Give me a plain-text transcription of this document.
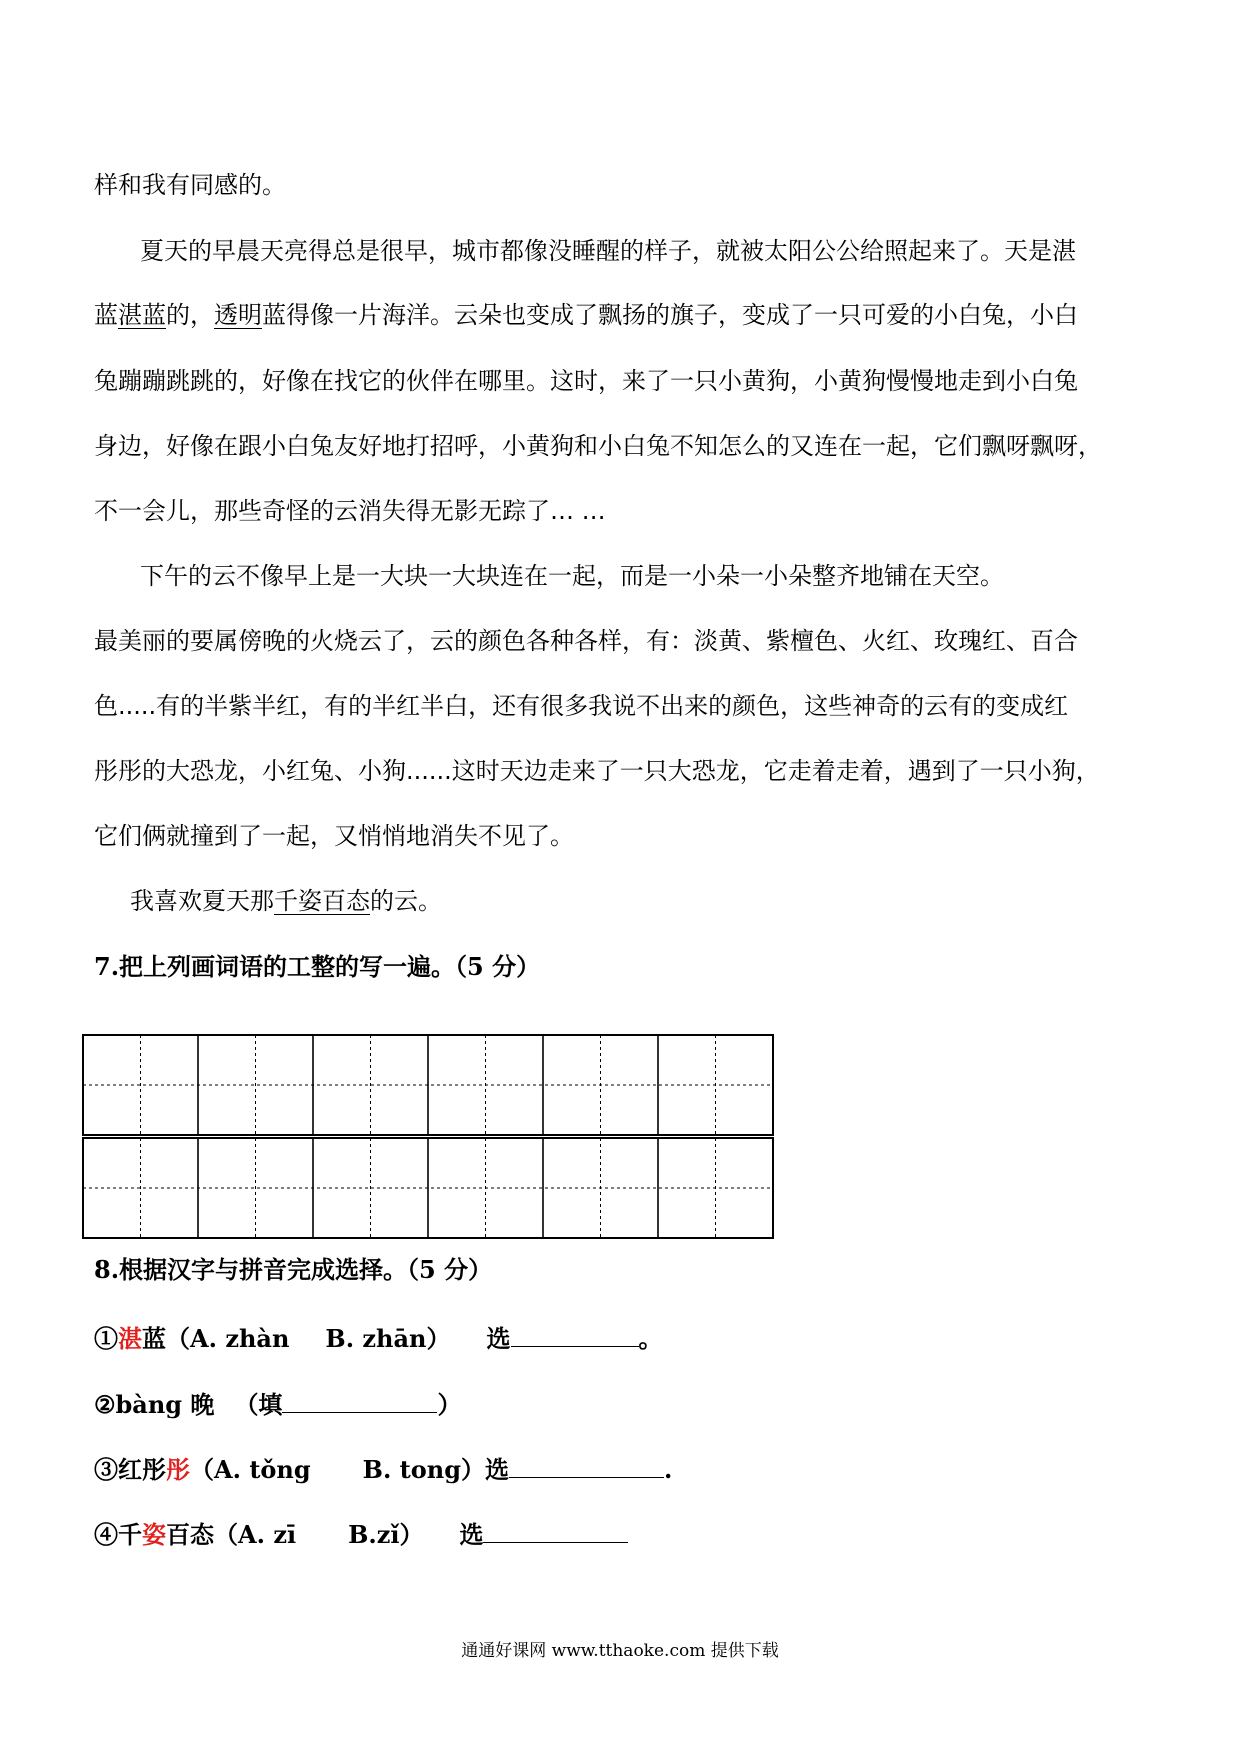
样和我有同感的。
夏天的早晨天亮得总是很早，城市都像没睡醒的样子，就被太阳公公给照起来了。天是湛
蓝湛蓝的，透明蓝得像一片海洋。云朵也变成了飘扬的旗子，变成了一只可爱的小白兔，小白
兔蹦蹦跳跳的，好像在找它的伙伴在哪里。这时，来了一只小黄狗，小黄狗慢慢地走到小白兔
身边，好像在跟小白兔友好地打招呼，小黄狗和小白兔不知怎么的又连在一起，它们飘呀飘呀，
不一会儿，那些奇怪的云消失得无影无踪了… …
下午的云不像早上是一大块一大块连在一起，而是一小朵一小朵整齐地铺在天空。
最美丽的要属傍晚的火烧云了，云的颜色各种各样，有：淡黄、紫檀色、火红、玫瑰红、百合
色.....有的半紫半红，有的半红半白，还有很多我说不出来的颜色，这些神奇的云有的变成红
彤彤的大恐龙，小红兔、小狗......这时天边走来了一只大恐龙，它走着走着，遇到了一只小狗，
它们俩就撞到了一起，又悄悄地消失不见了。
我喜欢夏天那千姿百态的云。
7.把上列画词语的工整的写一遍。（5 分）
8.根据汉字与拼音完成选择。（5 分）
①湛蓝（A. zhàn B. zhān） 选	。
②bàng 晚 （填	）
③红彤彤（A. tǒng B. tong）选	.
④千姿百态（A. zī B.zǐ） 选
通通好课网 www.tthaoke.com 提供下载
